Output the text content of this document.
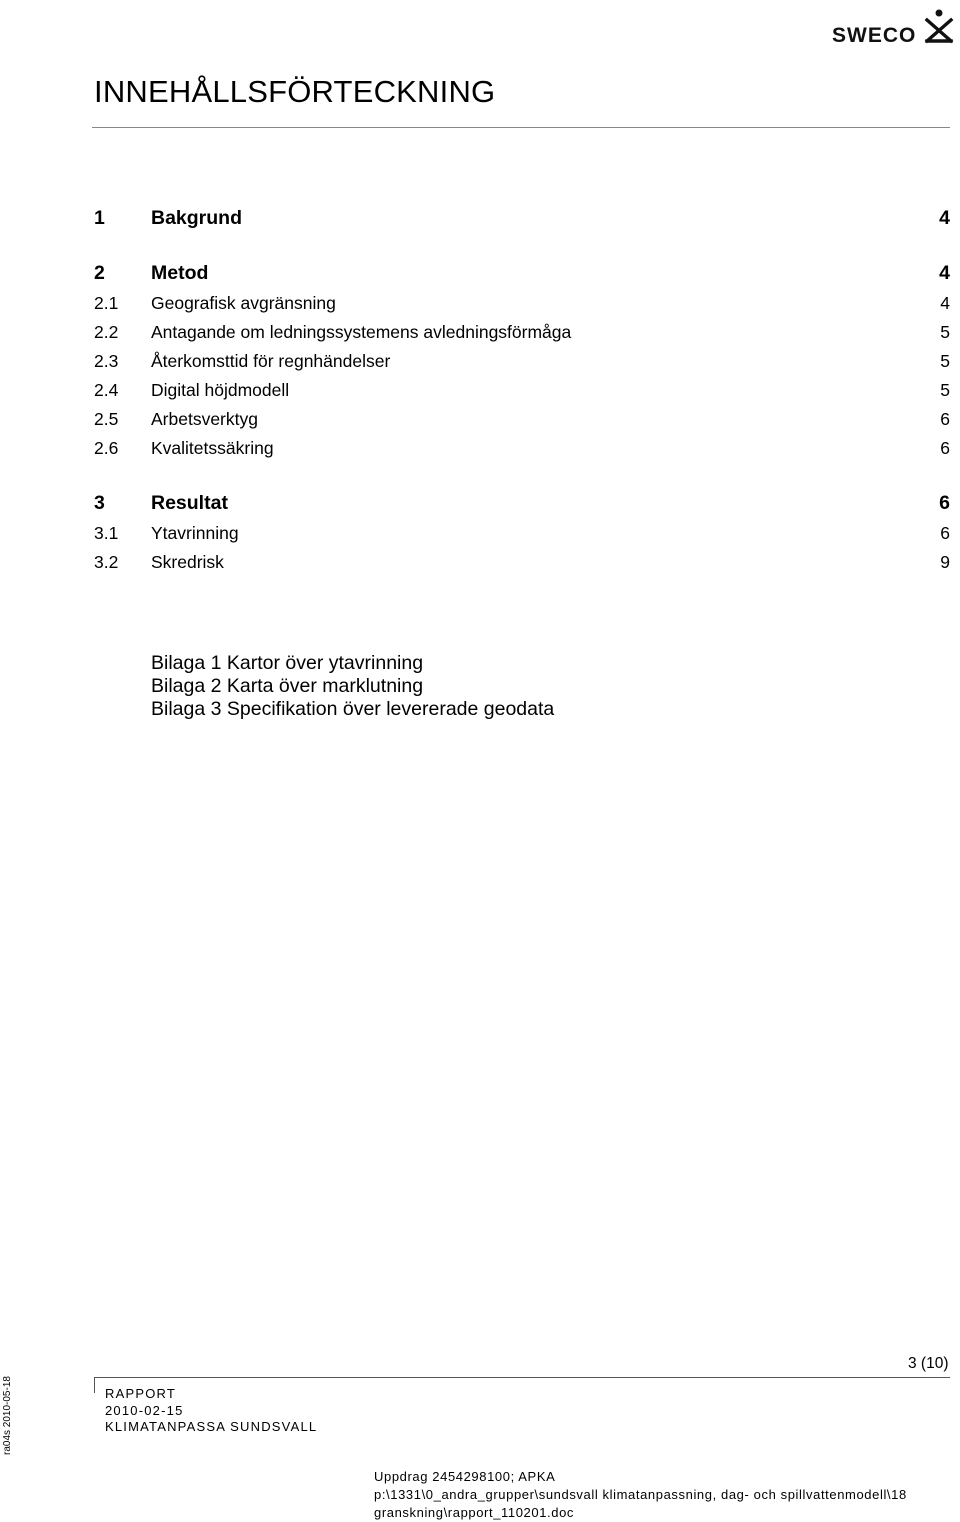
SWECO
INNEHÅLLSFÖRTECKNING
1 Bakgrund	4
2 Metod	4
2.1 Geografisk avgränsning	4
2.2 Antagande om ledningssystemens avledningsförmåga	5
2.3 Återkomsttid för regnhändelser	5
2.4 Digital höjdmodell	5
2.5 Arbetsverktyg	6
2.6 Kvalitetssäkring	6
3 Resultat	6
3.1 Ytavrinning	6
3.2 Skredrisk	9
Bilaga 1 Kartor över ytavrinning
Bilaga 2 Karta över marklutning
Bilaga 3 Specifikation över levererade geodata
3 (10)
RAPPORT
2010-02-15
KLIMATANPASSA SUNDSVALL
Uppdrag 2454298100; APKA
p:\1331\0_andra_grupper\sundsvall klimatanpassning, dag- och spillvattenmodell\18
granskning\rapport_110201.doc
ra04s 2010-05-18
